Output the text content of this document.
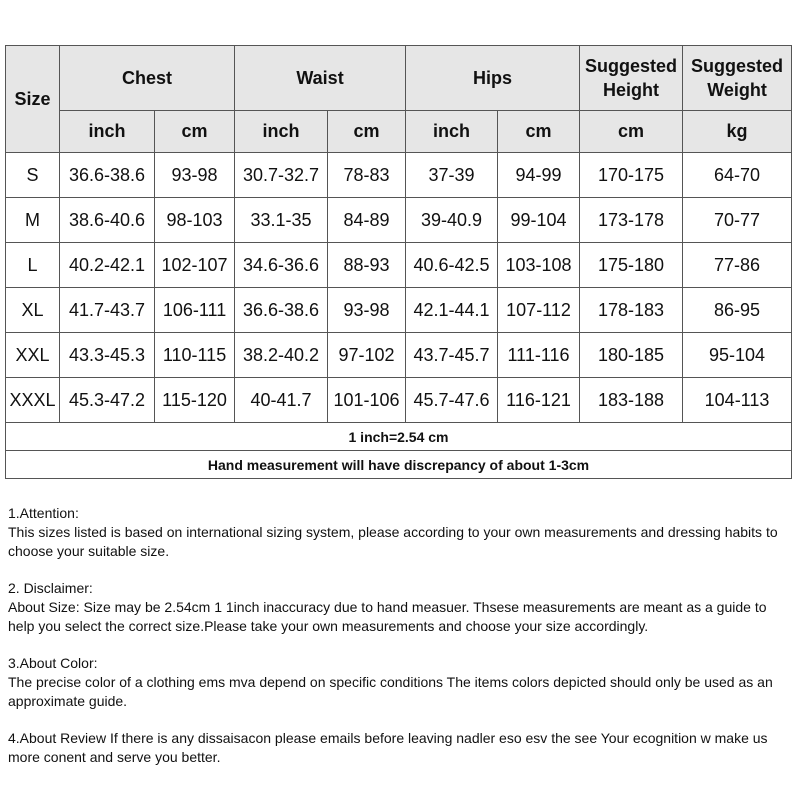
Size	Chest		Waist		Hips		Suggested Height	Suggested Weight
	inch	cm	inch	cm	inch	cm	cm	kg
S	36.6-38.6	93-98	30.7-32.7	78-83	37-39	94-99	170-175	64-70
M	38.6-40.6	98-103	33.1-35	84-89	39-40.9	99-104	173-178	70-77
L	40.2-42.1	102-107	34.6-36.6	88-93	40.6-42.5	103-108	175-180	77-86
XL	41.7-43.7	106-111	36.6-38.6	93-98	42.1-44.1	107-112	178-183	86-95
XXL	43.3-45.3	110-115	38.2-40.2	97-102	43.7-45.7	111-116	180-185	95-104
XXXL	45.3-47.2	115-120	40-41.7	101-106	45.7-47.6	116-121	183-188	104-113
1 inch=2.54 cm								
Hand measurement will have discrepancy of about 1-3cm								
1.Attention:
This sizes listed is based on international sizing system, please according to your own measurements and dressing habits to choose your suitable size.
2. Disclaimer:
About Size: Size may be 2.54cm 1 1inch inaccuracy due to hand measuer. Thsese measurements are meant as a guide to help you select the correct size.Please take your own measurements and choose your size accordingly.
3.About Color:
The precise color of a clothing ems mva depend on specific conditions The items colors depicted should only be used as an approximate guide.
4.About Review If there is any dissaisacon please emails before leaving nadler eso esv the see Your ecognition w make us more conent and serve you better.
